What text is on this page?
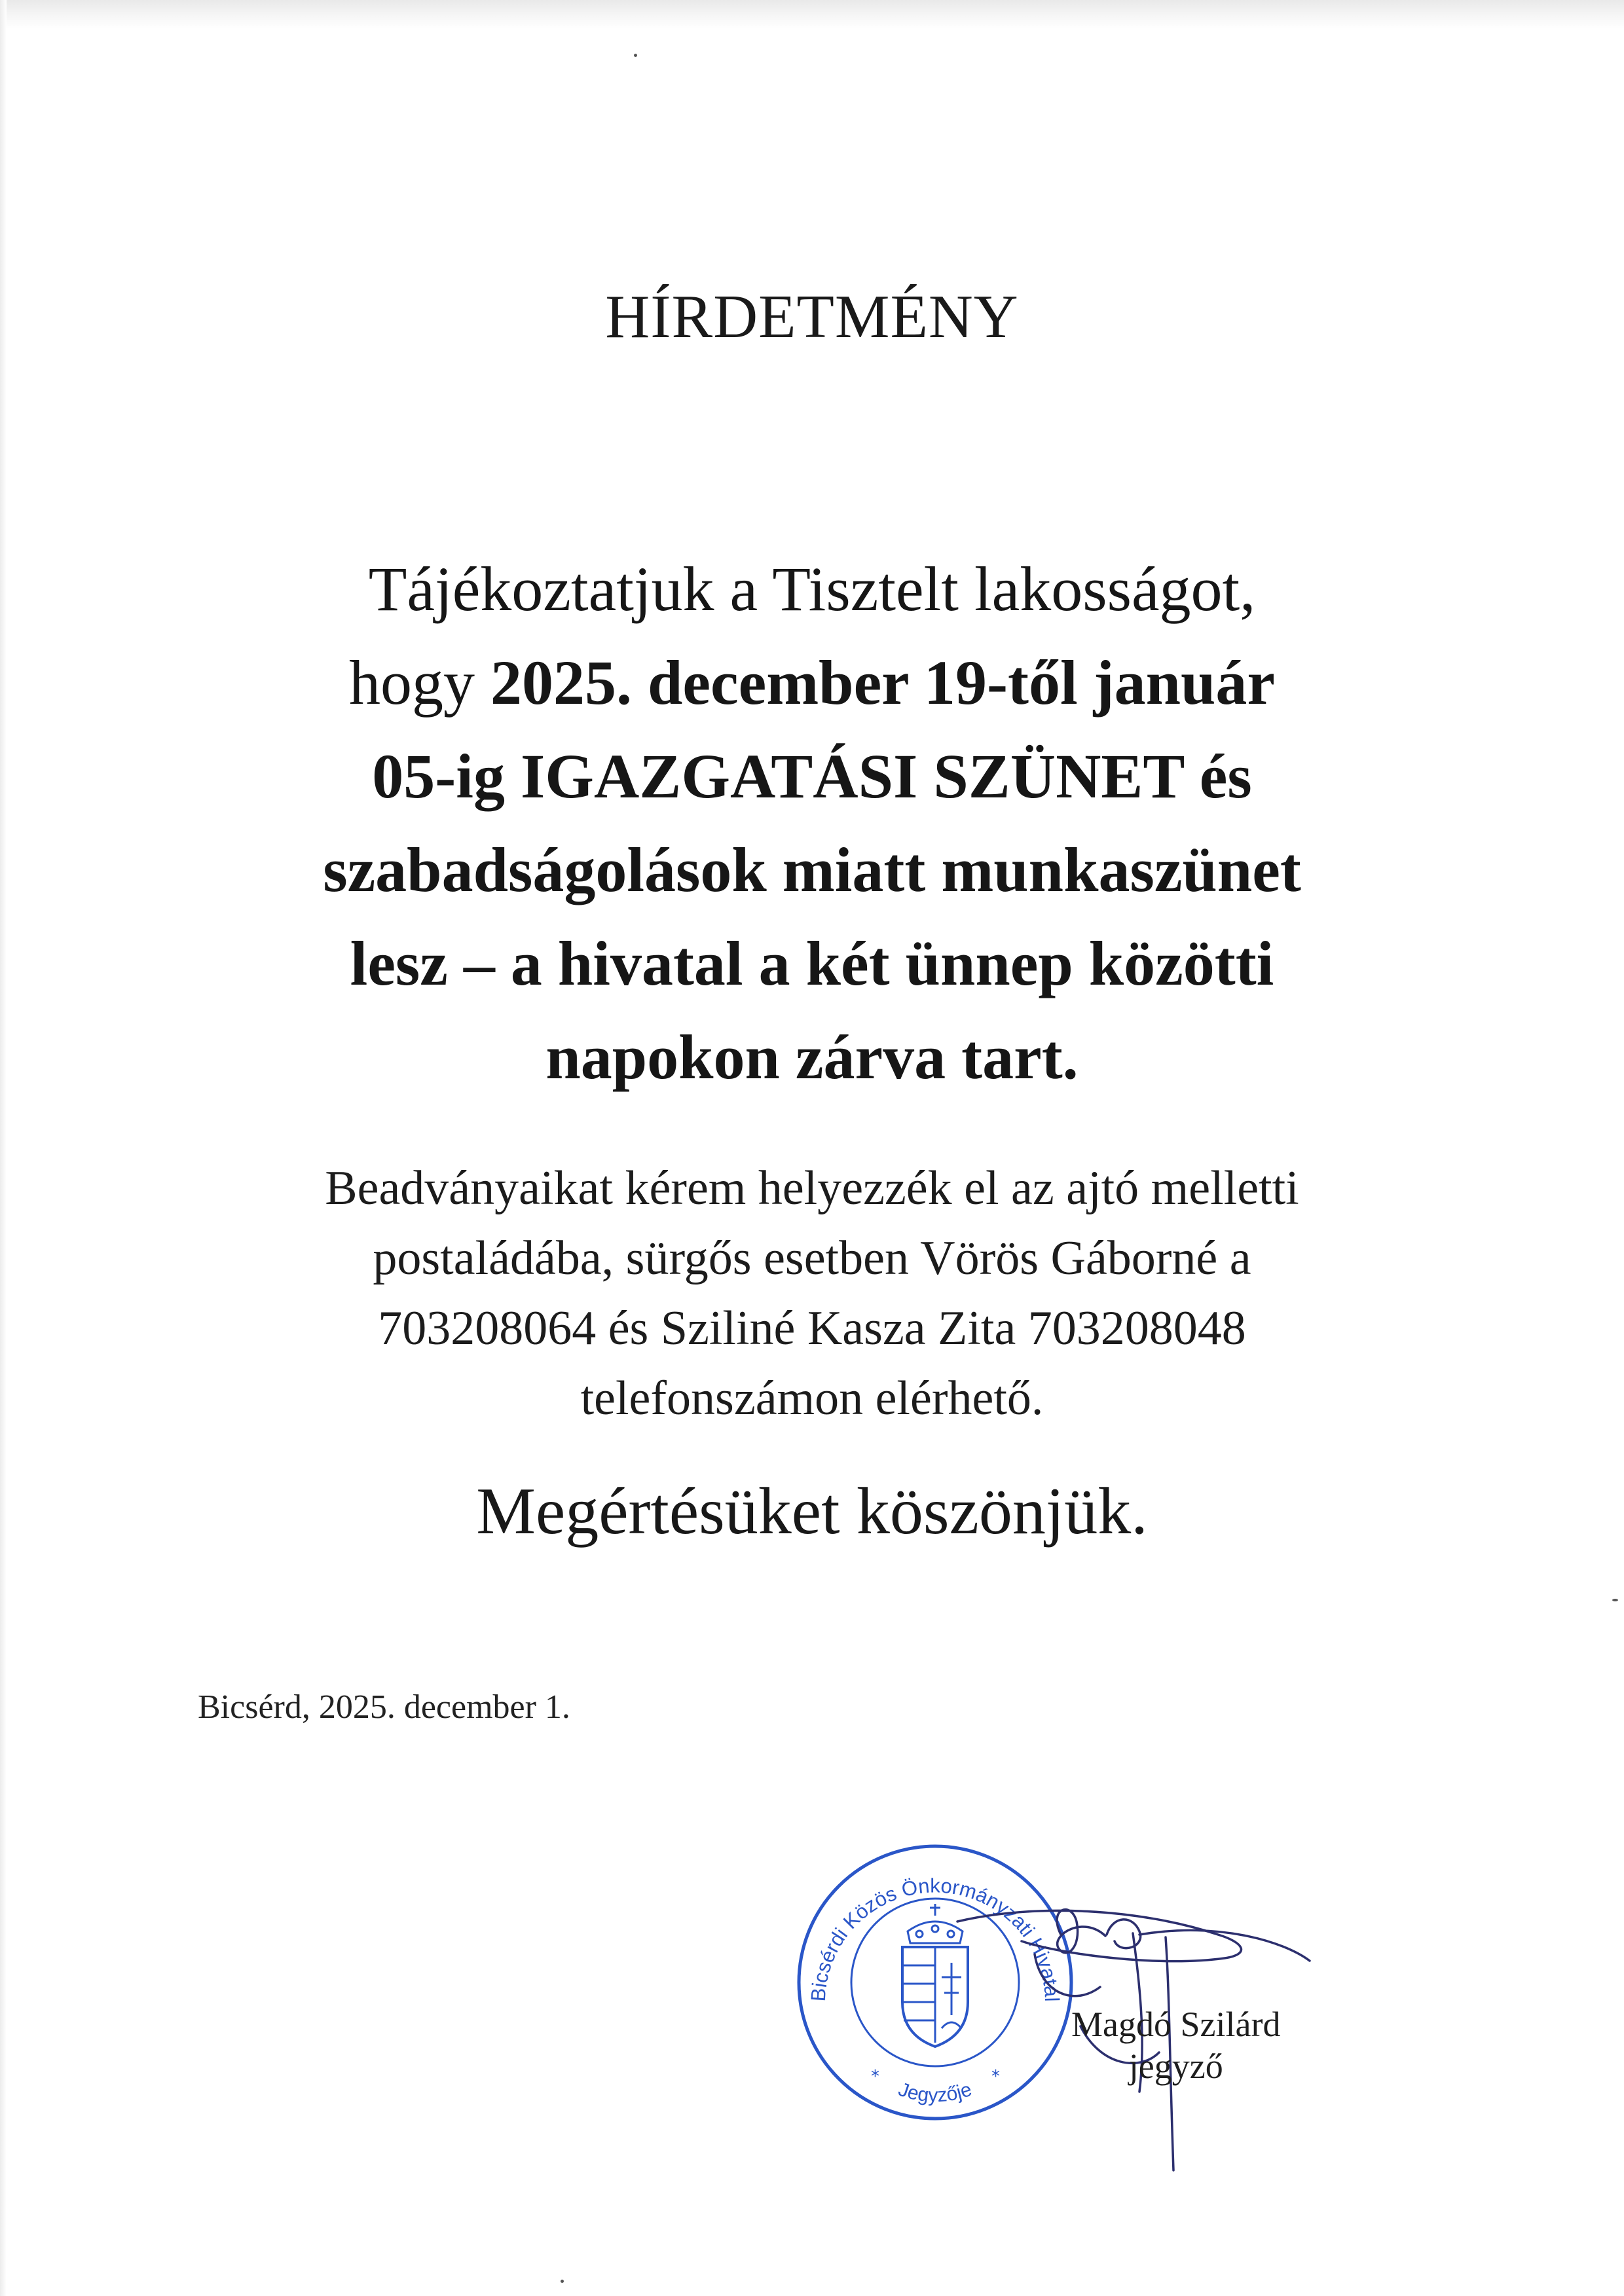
HÍRDETMÉNY
Tájékoztatjuk a Tisztelt lakosságot,
hogy 2025. december 19-től január
05-ig IGAZGATÁSI SZÜNET és
szabadságolások miatt munkaszünet
lesz – a hivatal a két ünnep közötti
napokon zárva tart.
Beadványaikat kérem helyezzék el az ajtó melletti
postaládába, sürgős esetben Vörös Gáborné a
703208064 és Sziliné Kasza Zita 703208048
telefonszámon elérhető.
Megértésüket köszönjük.
Bicsérd, 2025. december 1.
Bicsérdi Közös Önkormányzati Hivatal
Jegyzője
*	*
Magdó Szilárd
jegyző
